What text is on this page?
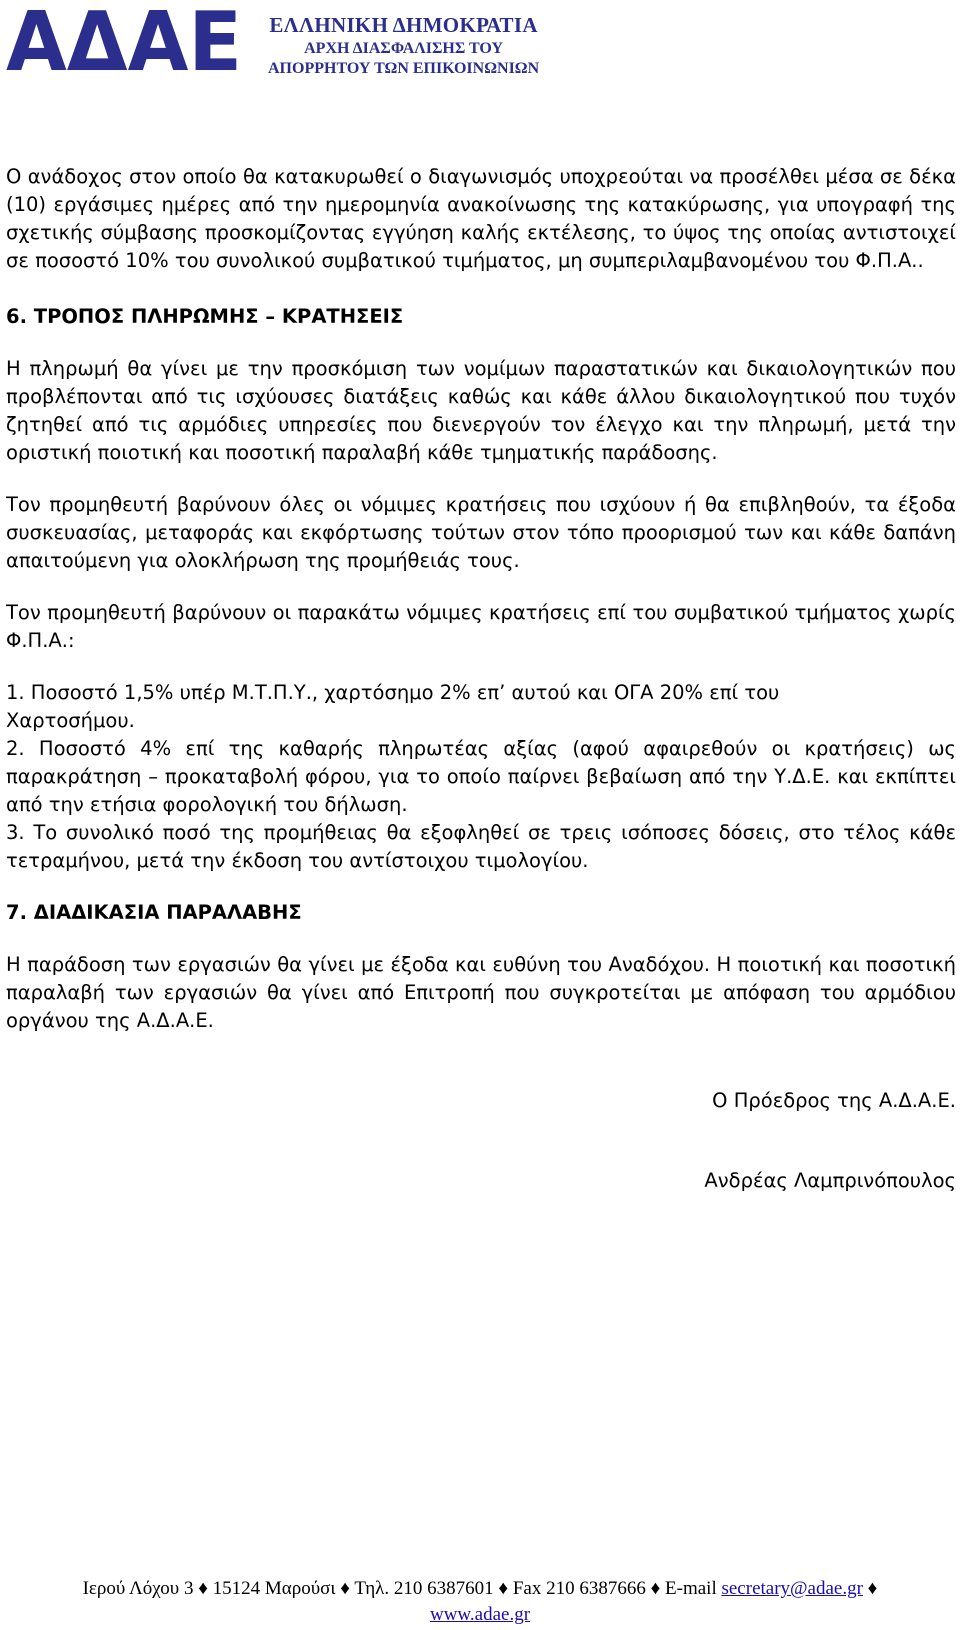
ΑΔΑΕ ΕΛΛΗΝΙΚΗ ΔΗΜΟΚΡΑΤΙΑ
ΑΡΧΗ ΔΙΑΣΦΑΛΙΣΗΣ ΤΟΥ
ΑΠΟΡΡΗΤΟΥ ΤΩΝ ΕΠΙΚΟΙΝΩΝΙΩΝ

Ο ανάδοχος στον οποίο θα κατακυρωθεί ο διαγωνισμός υποχρεούται να προσέλθει μέσα σε δέκα (10) εργάσιμες ημέρες από την ημερομηνία ανακοίνωσης της κατακύρωσης, για υπογραφή της σχετικής σύμβασης προσκομίζοντας εγγύηση καλής εκτέλεσης, το ύψος της οποίας αντιστοιχεί σε ποσοστό 10% του συνολικού συμβατικού τιμήματος, μη συμπεριλαμβανομένου του Φ.Π.Α..

6. ΤΡΟΠΟΣ ΠΛΗΡΩΜΗΣ – ΚΡΑΤΗΣΕΙΣ

Η πληρωμή θα γίνει με την προσκόμιση των νομίμων παραστατικών και δικαιολογητικών που προβλέπονται από τις ισχύουσες διατάξεις καθώς και κάθε άλλου δικαιολογητικού που τυχόν ζητηθεί από τις αρμόδιες υπηρεσίες που διενεργούν τον έλεγχο και την πληρωμή, μετά την οριστική ποιοτική και ποσοτική παραλαβή κάθε τμηματικής παράδοσης.

Τον προμηθευτή βαρύνουν όλες οι νόμιμες κρατήσεις που ισχύουν ή θα επιβληθούν, τα έξοδα συσκευασίας, μεταφοράς και εκφόρτωσης τούτων στον τόπο προορισμού των και κάθε δαπάνη απαιτούμενη για ολοκλήρωση της προμήθειάς τους.

Τον προμηθευτή βαρύνουν οι παρακάτω νόμιμες κρατήσεις επί του συμβατικού τμήματος χωρίς Φ.Π.Α.:

1. Ποσοστό 1,5% υπέρ Μ.Τ.Π.Υ., χαρτόσημο 2% επ’ αυτού και ΟΓΑ 20% επί του

Χαρτοσήμου.

2. Ποσοστό 4% επί της καθαρής πληρωτέας αξίας (αφού αφαιρεθούν οι κρατήσεις) ως παρακράτηση – προκαταβολή φόρου, για το οποίο παίρνει βεβαίωση από την Υ.Δ.Ε. και εκπίπτει από την ετήσια φορολογική του δήλωση.

3. Το συνολικό ποσό της προμήθειας θα εξοφληθεί σε τρεις ισόποσες δόσεις, στο τέλος κάθε τετραμήνου, μετά την έκδοση του αντίστοιχου τιμολογίου.

7. ΔΙΑΔΙΚΑΣΙΑ ΠΑΡΑΛΑΒΗΣ

Η παράδοση των εργασιών θα γίνει με έξοδα και ευθύνη του Αναδόχου. Η ποιοτική και ποσοτική παραλαβή των εργασιών θα γίνει από Επιτροπή που συγκροτείται με απόφαση του αρμόδιου οργάνου της Α.Δ.Α.Ε.

Ο Πρόεδρος της Α.Δ.Α.Ε.

Ανδρέας Λαμπρινόπουλος

Ιερού Λόχου 3 ♦ 15124 Μαρούσι ♦ Τηλ. 210 6387601 ♦ Fax 210 6387666 ♦ E-mail secretary@adae.gr ♦
www.adae.gr
